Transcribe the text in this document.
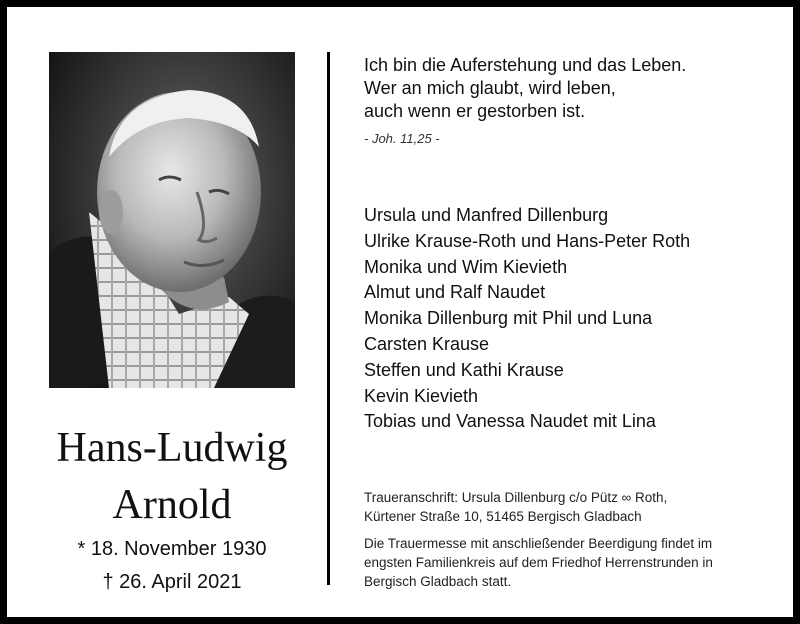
Hans-Ludwig
Arnold
* 18. November 1930
† 26. April 2021
Ich bin die Auferstehung und das Leben.
Wer an mich glaubt, wird leben,
auch wenn er gestorben ist.
- Joh. 11,25 -
Ursula und Manfred Dillenburg
Ulrike Krause-Roth und Hans-Peter Roth
Monika und Wim Kievieth
Almut und Ralf Naudet
Monika Dillenburg mit Phil und Luna
Carsten Krause
Steffen und Kathi Krause
Kevin Kievieth
Tobias und Vanessa Naudet mit Lina
Traueranschrift: Ursula Dillenburg c/o Pütz ∞ Roth,
Kürtener Straße 10, 51465 Bergisch Gladbach
Die Trauermesse mit anschließender Beerdigung findet im
engsten Familienkreis auf dem Friedhof Herrenstrunden in
Bergisch Gladbach statt.
